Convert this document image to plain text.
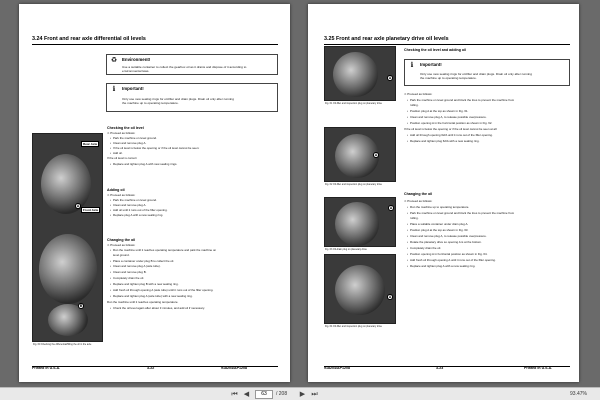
3.24 Front and rear axle differential oil levels
♻	Environment!
Use a suitable container to collect the gearbox oil as it drains and dispose of it according to
environmental laws.
ℹ	Important!
Only use new sealing rings for oil-filler and drain plugs. Drain oil only after running
the machine up to operating temperature.
Rear Axle
Front Axle
A
B
Fig. 60 Checking the differential/filling the oil in the axle
Checking the oil level
➪ Proceed as follows:
• Park the machine on level ground.
• Clean and remove plug A.
• If the oil level is below the opening or if the oil level cannot be seen:
• Add oil.
If the oil level is correct:
• Replace and tighten plug A with new sealing rings.
Adding oil
➪ Proceed as follows:
• Park the machine on level ground.
• Clean and remove plug A.
• Add oil until it runs out of the filler opening.
• Replace plug A with a new sealing ring.
Changing the oil
➪ Proceed as follows:
• Run the machine until it reaches operating temperature and park the machine on
level ground.
• Place a container under plug B to collect the oil.
• Clean and remove plug A (axle tube).
• Clean and remove plug B.
• Completely drain the oil.
• Replace and tighten plug B with a new sealing ring.
• Add fresh oil through opening A (axle tube) until it runs out of the filler opening.
• Replace and tighten plug A (axle tube) with a new sealing ring.
Run the machine until it reaches operating temperature.
• Check the oil level again after about 3 minutes, and add oil if necessary.
Printed in U.S.A.	3-22	918204/AP1208
3.25 Front and rear axle planetary drive oil levels
A
Fig. 61 Oil-filler and inspection plug on planetary drive
A
Fig. 62 Oil-filler and inspection plug on planetary drive
A
Fig. 63 Oil-drain plug on planetary drive
A
Fig. 64 Oil-filler and inspection plug on planetary drive
Checking the oil level and adding oil
ℹ	Important!
Only use new sealing rings for oil-filler and drain plugs. Drain oil only after running
the machine up to operating temperature.
➪ Proceed as follows:
• Park the machine on level ground and block the tires to prevent the machine from
rolling.
• Position plug A at the top as shown in Fig. 61.
• Clean and remove plug A, to release possible overpressure.
• Position opening A in the horizontal position as shown in Fig. 62.
If the oil level is below the opening or if the oil level cannot be seen at all:
• Add oil through opening 62/A until it runs out of the filler opening.
• Replace and tighten plug 62/A with a new sealing ring.
Changing the oil
➪ Proceed as follows:
• Run the machine up to operating temperature.
• Park the machine on level ground and block the tires to prevent the machine from
rolling.
• Place a suitable container under drain plug A.
• Position plug A at the top as shown in Fig. 63.
• Clean and remove plug A, to release possible overpressure.
• Rotate the planetary drive so opening A is at the bottom.
• Completely drain the oil.
• Position opening A in horizontal position as shown in Fig. 64.
• Add fresh oil through opening A until it runs out of the filler opening.
• Replace and tighten plug A with a new sealing ring.
918204/AP1208	3-23	Printed in U.S.A.
⏮ ◀	63	/ 208 ▶ ⏭	93.47%
